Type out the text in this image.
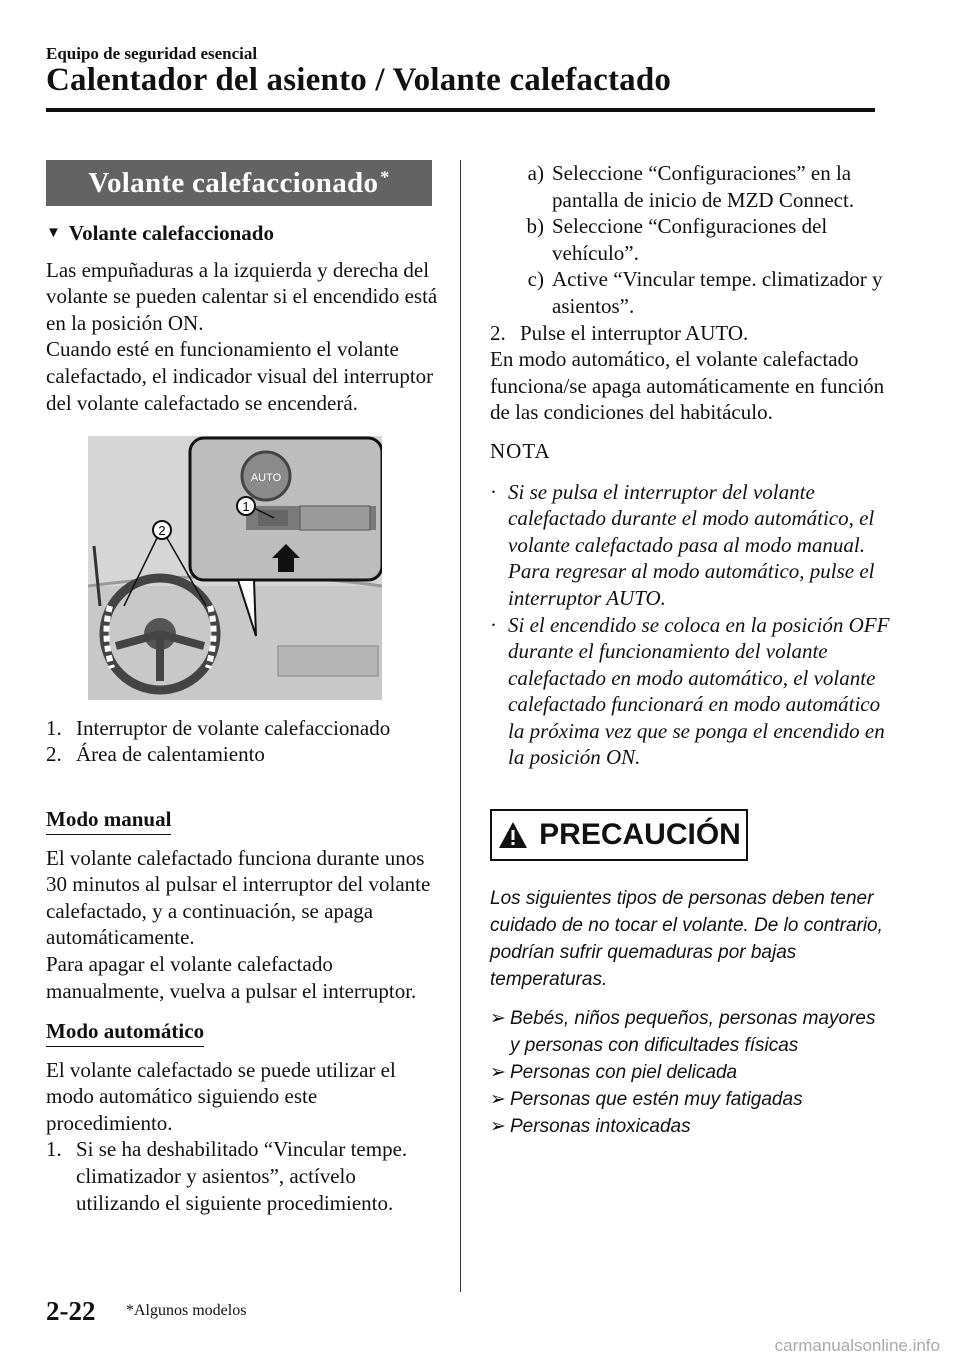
Equipo de seguridad esencial
Calentador del asiento / Volante calefactado
Volante calefaccionado*
▼ Volante calefaccionado

Las empuñaduras a la izquierda y derecha del volante se pueden calentar si el encendido está en la posición ON.

Cuando esté en funcionamiento el volante calefactado, el indicador visual del interruptor del volante calefactado se encenderá.

AUTO
1
2
1. Interruptor de volante calefaccionado
2. Área de calentamiento
Modo manual

El volante calefactado funciona durante unos 30 minutos al pulsar el interruptor del volante calefactado, y a continuación, se apaga automáticamente.

Para apagar el volante calefactado manualmente, vuelva a pulsar el interruptor.

Modo automático

El volante calefactado se puede utilizar el modo automático siguiendo este procedimiento.

1. Si se ha deshabilitado “Vincular tempe. climatizador y asientos”, actívelo utilizando el siguiente procedimiento.
a) Seleccione “Configuraciones” en la pantalla de inicio de MZD Connect.
b) Seleccione “Configuraciones del vehículo”.
c) Active “Vincular tempe. climatizador y asientos”.
2. Pulse el interruptor AUTO.

En modo automático, el volante calefactado funciona/se apaga automáticamente en función de las condiciones del habitáculo.

NOTA
· Si se pulsa el interruptor del volante calefactado durante el modo automático, el volante calefactado pasa al modo manual. Para regresar al modo automático, pulse el interruptor AUTO.
· Si el encendido se coloca en la posición OFF durante el funcionamiento del volante calefactado en modo automático, el volante calefactado funcionará en modo automático la próxima vez que se ponga el encendido en la posición ON.
PRECAUCIÓN

Los siguientes tipos de personas deben tener cuidado de no tocar el volante. De lo contrario, podrían sufrir quemaduras por bajas temperaturas.

➢ Bebés, niños pequeños, personas mayores y personas con dificultades físicas
➢ Personas con piel delicada
➢ Personas que estén muy fatigadas
➢ Personas intoxicadas
2-22 *Algunos modelos
carmanualsonline.info
